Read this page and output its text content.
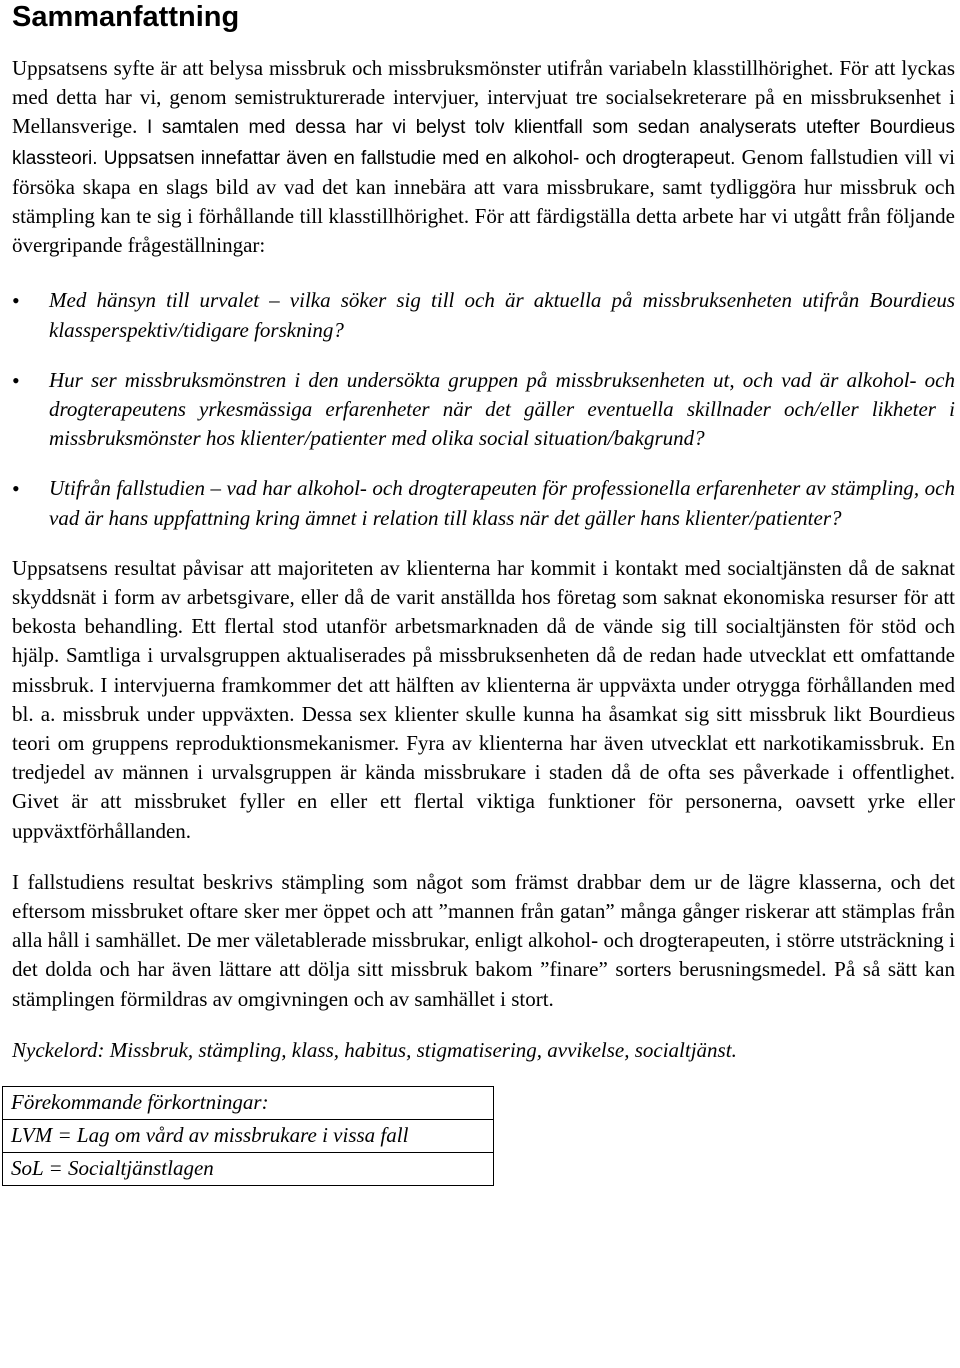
Sammanfattning

Uppsatsens syfte är att belysa missbruk och missbruksmönster utifrån variabeln klasstillhörighet. För att lyckas med detta har vi, genom semistrukturerade intervjuer, intervjuat tre socialsekreterare på en missbruksenhet i Mellansverige. I samtalen med dessa har vi belyst tolv klientfall som sedan analyserats utefter Bourdieus klassteori. Uppsatsen innefattar även en fallstudie med en alkohol- och drogterapeut. Genom fallstudien vill vi försöka skapa en slags bild av vad det kan innebära att vara missbrukare, samt tydliggöra hur missbruk och stämpling kan te sig i förhållande till klasstillhörighet. För att färdigställa detta arbete har vi utgått från följande övergripande frågeställningar:

• Med hänsyn till urvalet – vilka söker sig till och är aktuella på missbruksenheten utifrån Bourdieus klassperspektiv/tidigare forskning?
• Hur ser missbruksmönstren i den undersökta gruppen på missbruksenheten ut, och vad är alkohol- och drogterapeutens yrkesmässiga erfarenheter när det gäller eventuella skillnader och/eller likheter i missbruksmönster hos klienter/patienter med olika social situation/bakgrund?
• Utifrån fallstudien – vad har alkohol- och drogterapeuten för professionella erfarenheter av stämpling, och vad är hans uppfattning kring ämnet i relation till klass när det gäller hans klienter/patienter?

Uppsatsens resultat påvisar att majoriteten av klienterna har kommit i kontakt med socialtjänsten då de saknat skyddsnät i form av arbetsgivare, eller då de varit anställda hos företag som saknat ekonomiska resurser för att bekosta behandling. Ett flertal stod utanför arbetsmarknaden då de vände sig till socialtjänsten för stöd och hjälp. Samtliga i urvalsgruppen aktualiserades på missbruksenheten då de redan hade utvecklat ett omfattande missbruk. I intervjuerna framkommer det att hälften av klienterna är uppväxta under otrygga förhållanden med bl. a. missbruk under uppväxten. Dessa sex klienter skulle kunna ha åsamkat sig sitt missbruk likt Bourdieus teori om gruppens reproduktionsmekanismer. Fyra av klienterna har även utvecklat ett narkotikamissbruk. En tredjedel av männen i urvalsgruppen är kända missbrukare i staden då de ofta ses påverkade i offentlighet. Givet är att missbruket fyller en eller ett flertal viktiga funktioner för personerna, oavsett yrke eller uppväxtförhållanden.

I fallstudiens resultat beskrivs stämpling som något som främst drabbar dem ur de lägre klasserna, och det eftersom missbruket oftare sker mer öppet och att ”mannen från gatan” många gånger riskerar att stämplas från alla håll i samhället. De mer väletablerade missbrukar, enligt alkohol- och drogterapeuten, i större utsträckning i det dolda och har även lättare att dölja sitt missbruk bakom ”finare” sorters berusningsmedel. På så sätt kan stämplingen förmildras av omgivningen och av samhället i stort.

Nyckelord: Missbruk, stämpling, klass, habitus, stigmatisering, avvikelse, socialtjänst.

Förekommande förkortningar:
LVM = Lag om vård av missbrukare i vissa fall
SoL = Socialtjänstlagen
